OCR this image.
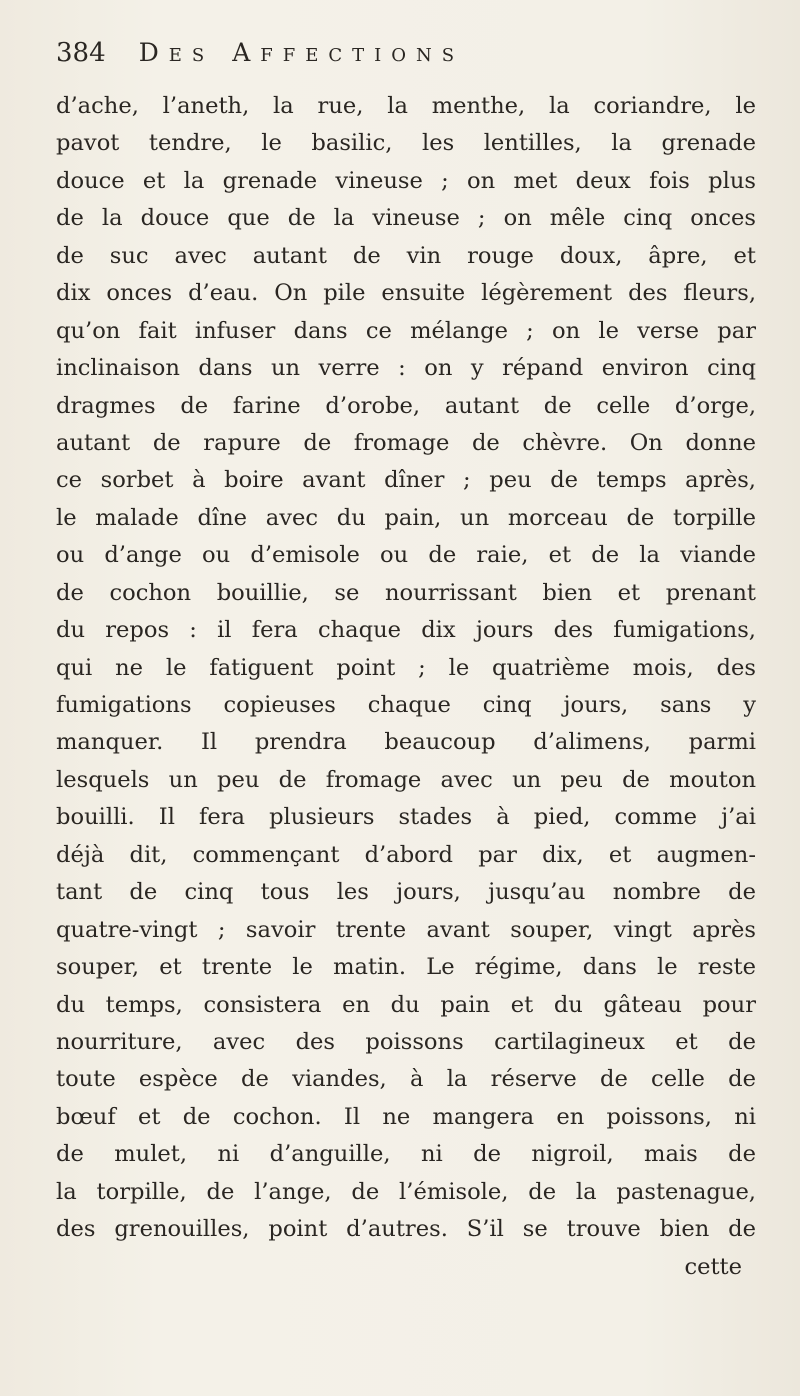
384 Des Affections
d’ache, l’aneth, la rue, la menthe, la coriandre, le
pavot tendre, le basilic, les lentilles, la grenade
douce et la grenade vineuse ; on met deux fois plus
de la douce que de la vineuse ; on mêle cinq onces
de suc avec autant de vin rouge doux, âpre, et
dix onces d’eau. On pile ensuite légèrement des fleurs,
qu’on fait infuser dans ce mélange ; on le verse par
inclinaison dans un verre : on y répand environ cinq
dragmes de farine d’orobe, autant de celle d’orge,
autant de rapure de fromage de chèvre. On donne
ce sorbet à boire avant dîner ; peu de temps après,
le malade dîne avec du pain, un morceau de torpille
ou d’ange ou d’emisole ou de raie, et de la viande
de cochon bouillie, se nourrissant bien et prenant
du repos : il fera chaque dix jours des fumigations,
qui ne le fatiguent point ; le quatrième mois, des
fumigations copieuses chaque cinq jours, sans y
manquer. Il prendra beaucoup d’alimens, parmi
lesquels un peu de fromage avec un peu de mouton
bouilli. Il fera plusieurs stades à pied, comme j’ai
déjà dit, commençant d’abord par dix, et augmen-
tant de cinq tous les jours, jusqu’au nombre de
quatre-vingt ; savoir trente avant souper, vingt après
souper, et trente le matin. Le régime, dans le reste
du temps, consistera en du pain et du gâteau pour
nourriture, avec des poissons cartilagineux et de
toute espèce de viandes, à la réserve de celle de
bœuf et de cochon. Il ne mangera en poissons, ni
de mulet, ni d’anguille, ni de nigroil, mais de
la torpille, de l’ange, de l’émisole, de la pastenague,
des grenouilles, point d’autres. S’il se trouve bien de
cette
